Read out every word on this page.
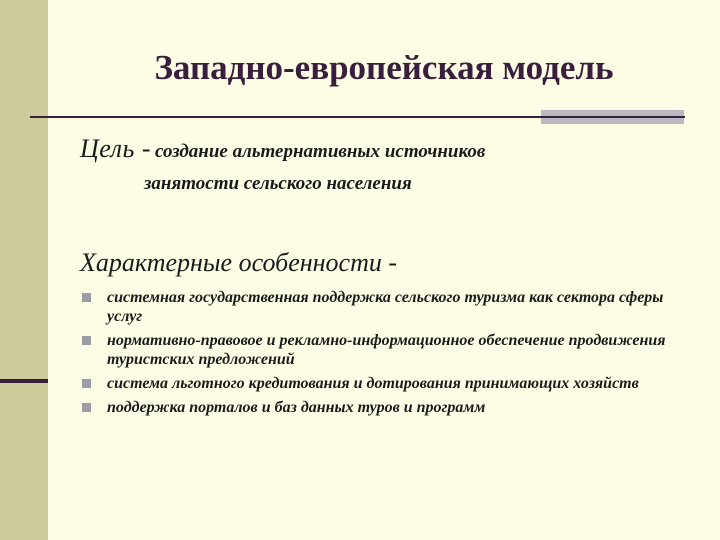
Западно-европейская модель
Цель - создание альтернативных источников
занятости сельского населения
Характерные особенности -
системная государственная поддержка сельского туризма как сектора сферы услуг
нормативно-правовое и рекламно-информационное обеспечение продвижения туристских предложений
система льготного кредитования и дотирования принимающих хозяйств
поддержка порталов и баз данных туров и программ
